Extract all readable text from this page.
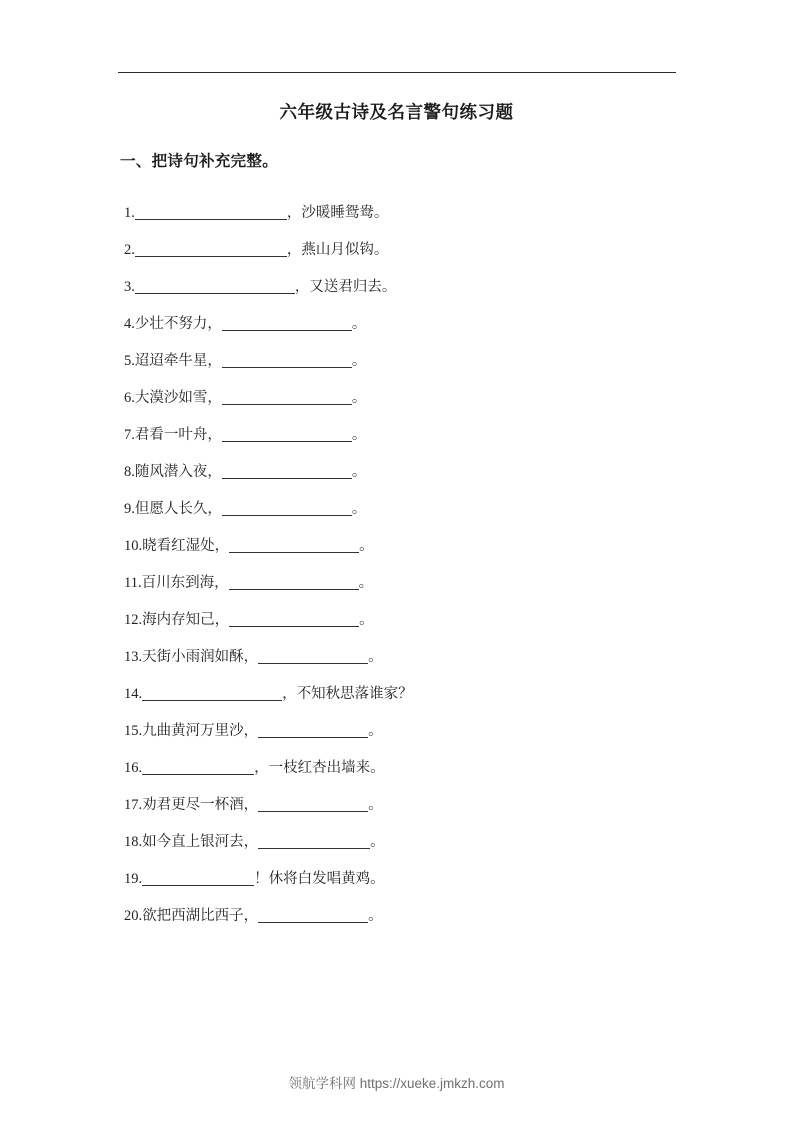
六年级古诗及名言警句练习题
一、把诗句补充完整。
1.	，沙暖睡鸳鸯。
2.	，燕山月似钩。
3.	，又送君归去。
4. 少壮不努力，	。
5. 迢迢牵牛星，	。
6. 大漠沙如雪，	。
7. 君看一叶舟，	。
8. 随风潜入夜，	。
9. 但愿人长久，	。
10. 晓看红湿处，	。
11. 百川东到海，	。
12. 海内存知己，	。
13. 天街小雨润如酥，	。
14.	，不知秋思落谁家？
15. 九曲黄河万里沙，	。
16.	，一枝红杏出墙来。
17. 劝君更尽一杯酒，	。
18. 如今直上银河去，	。
19.	！休将白发唱黄鸡。
20. 欲把西湖比西子，	。
领航学科网 https://xueke.jmkzh.com
